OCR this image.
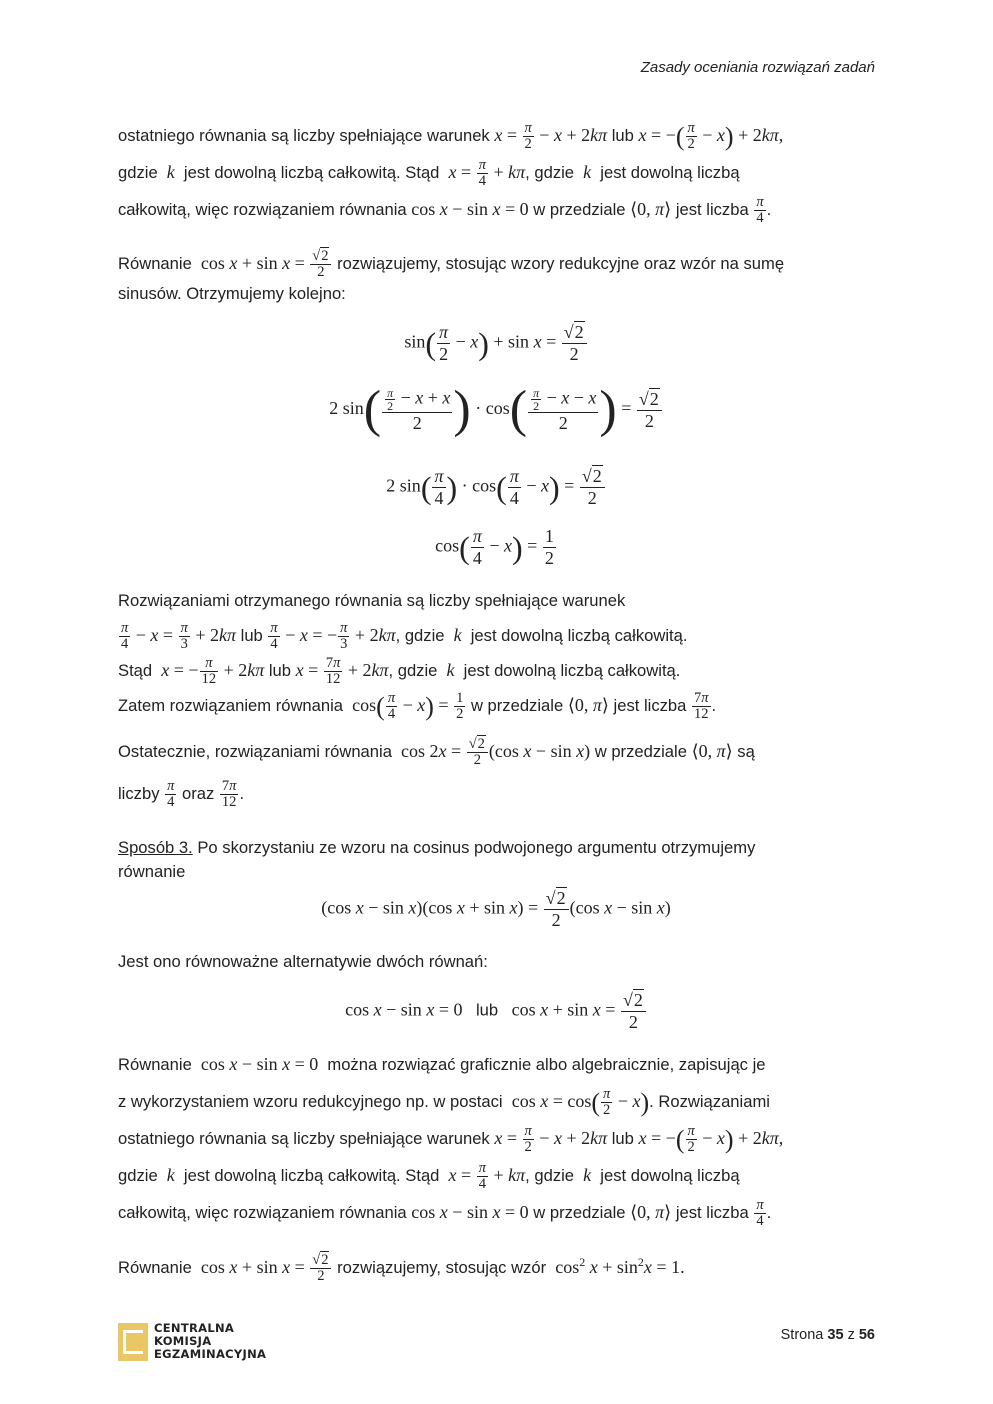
Zasady oceniania rozwiązań zadań
ostatniego równania są liczby spełniające warunek $x = \frac{\pi}{2} - x + 2k\pi$ lub x = −( $\frac{\pi}{2} - x) + 2k\pi$,
gdzie  k  jest dowolną liczbą całkowitą. Stąd $x = \frac{\pi}{4} + k\pi$, gdzie  k  jest dowolną liczbą
całkowitą, więc rozwiązaniem równania cos x − sin x = 0 w przedziale ⟨0, π⟩ jest liczba $\frac{\pi}{4}$ .
Równanie  $\cos x + \sin x = \frac{√2}{2}$ rozwiązujemy, stosując wzory redukcyjne oraz wzór na sumę
sinusów. Otrzymujemy kolejno:
$\sin( \frac{\pi}{2} - x) + \sin x = \frac{√2}{2}$
2 $\sin( \frac{\frac{\pi}{2} - x + x}{2}$ ) · $\cos( \frac{\frac{\pi}{2} - x - x}{2}$ ) = $\frac{√2}{2}$
2 $\sin( \frac{\pi}{4}$ ) · $\cos( \frac{\pi}{4} - x) = \frac{√2}{2}$
$\cos( \frac{\pi}{4} - x) = \frac{1}{2}$
Rozwiązaniami otrzymanego równania są liczby spełniające warunek

$\frac{\pi}{4} - x = \frac{\pi}{3} + 2k\pi$ lub $\frac{\pi}{4} - x$ = − $\frac{\pi}{3} + 2k\pi$, gdzie  k  jest dowolną liczbą całkowitą.
Stąd x = − $\frac{\pi}{12} + 2k\pi$ lub $x = \frac{7\pi}{12} + 2k\pi$, gdzie  k  jest dowolną liczbą całkowitą.
Zatem rozwiązaniem równania  $\cos( \frac{\pi}{4} - x) = \frac{1}{2}$ w przedziale ⟨0, π⟩ jest liczba $\frac{7\pi}{12}$ .
Ostatecznie, rozwiązaniami równania  $\cos 2x = \frac{√2}{2} (\cos$ x − sin x) w przedziale ⟨0, π⟩ są
liczby $\frac{\pi}{4}$ oraz $\frac{7\pi}{12}$ .
Sposób 3. Po skorzystaniu ze wzoru na cosinus podwojonego argumentu otrzymujemy
równanie
(cos x − sin x)(cos $x + \sin x) = \frac{√2}{2} (\cos$ x − sin x)
Jest ono równoważne alternatywie dwóch równań:
cos x − sin x = 0   lub   $\cos x + \sin x = \frac{√2}{2}$
Równanie  cos x − sin x = 0  można rozwiązać graficznie albo algebraicznie, zapisując je
z wykorzystaniem wzoru redukcyjnego np. w postaci  $\cos x = \cos( \frac{\pi}{2} - x)$. Rozwiązaniami
ostatniego równania są liczby spełniające warunek $x = \frac{\pi}{2} - x + 2k\pi$ lub x = −( $\frac{\pi}{2} - x) + 2k\pi$,
gdzie  k  jest dowolną liczbą całkowitą. Stąd $x = \frac{\pi}{4} + k\pi$, gdzie  k  jest dowolną liczbą
całkowitą, więc rozwiązaniem równania cos x − sin x = 0 w przedziale ⟨0, π⟩ jest liczba $\frac{\pi}{4}$ .
Równanie  $\cos x + \sin x = \frac{√2}{2}$ rozwiązujemy, stosując wzór  $\cos^2 x + \sin^2x = 1$.
CENTRALNA
KOMISJA
EGZAMINACYJNA
Strona 35 z 56
